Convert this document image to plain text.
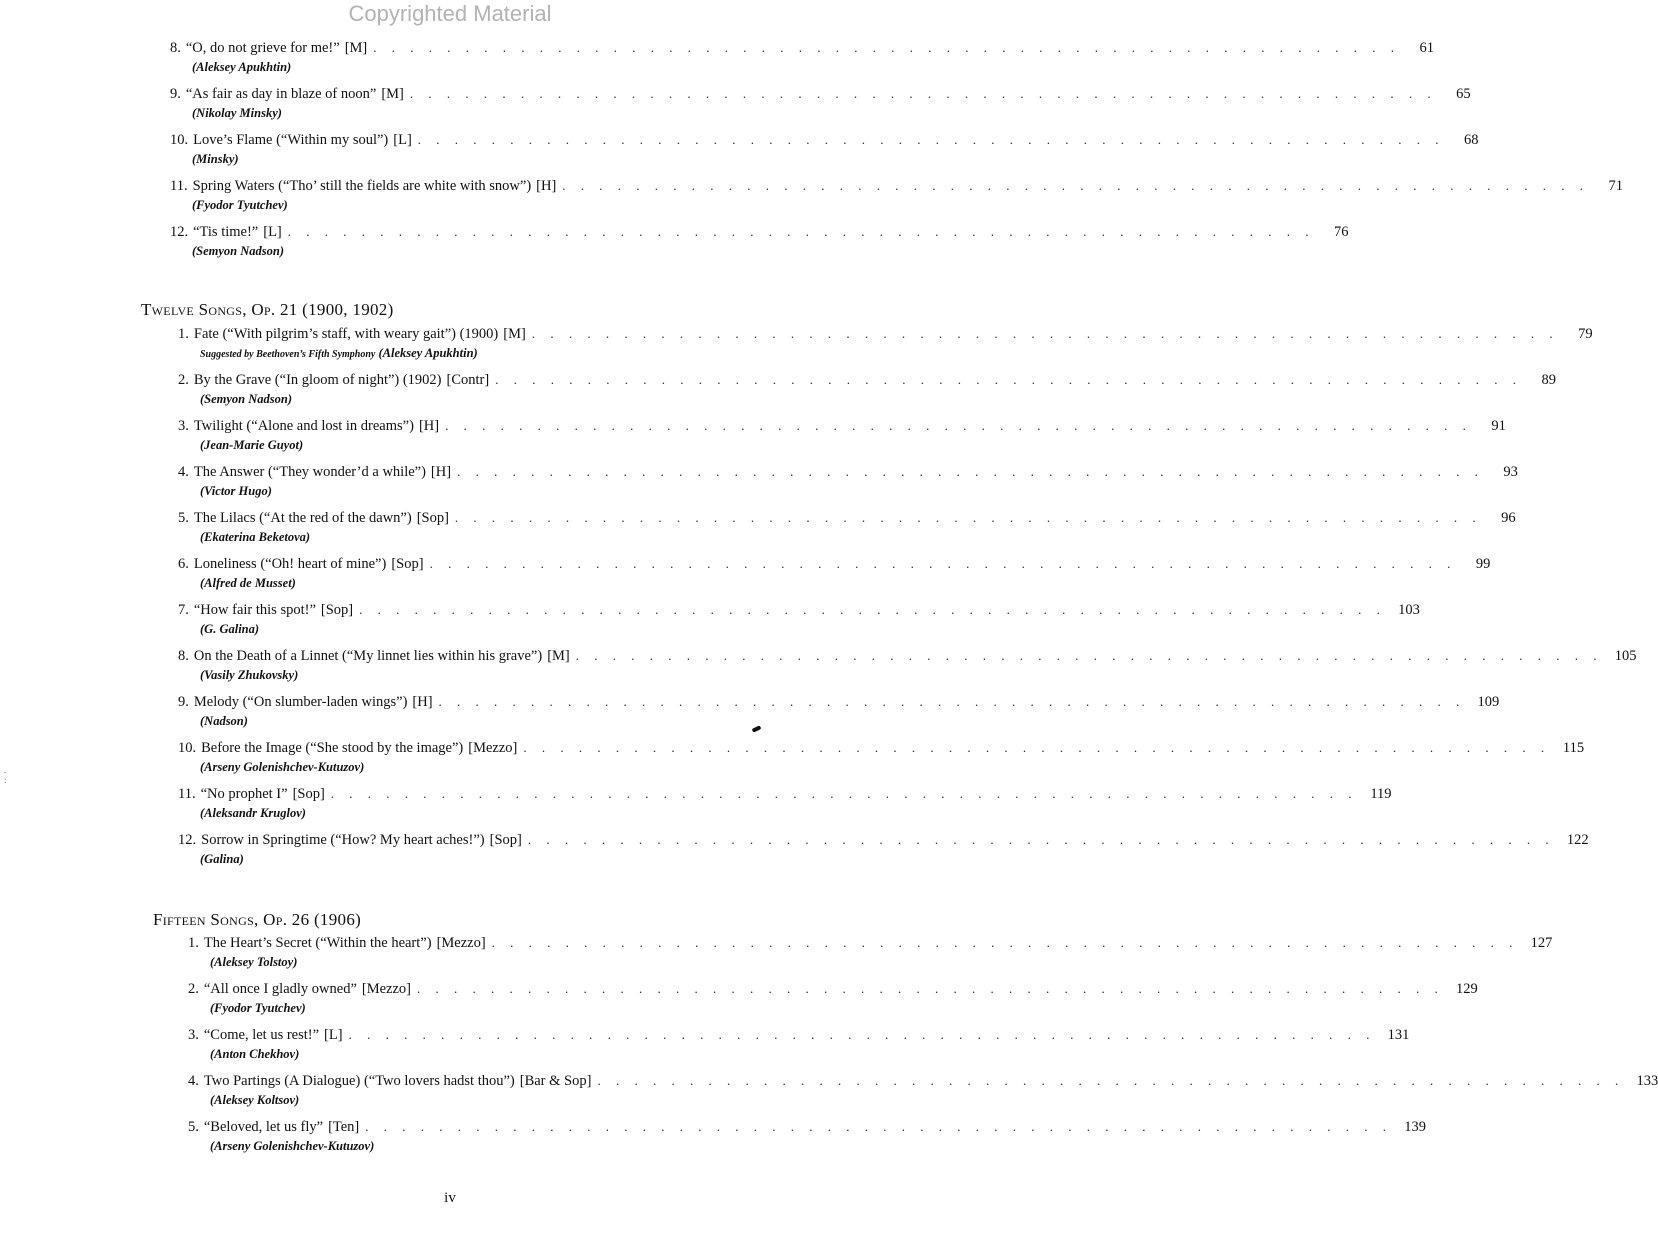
Copyrighted Material
8. “O, do not grieve for me!” [M] . . . . . . . . . . . . . . . . . . . . . . . . . . . . . . . . . . . . . . . . . . . . . . . . . . . . . . . .	61
(Aleksey Apukhtin)
9. “As fair as day in blaze of noon” [M] . . . . . . . . . . . . . . . . . . . . . . . . . . . . . . . . . . . . . . . . . . . . . . . . . . . . . . . .	65
(Nikolay Minsky)
10. Love’s Flame (“Within my soul”) [L] . . . . . . . . . . . . . . . . . . . . . . . . . . . . . . . . . . . . . . . . . . . . . . . . . . . . . . . .	68
(Minsky)
11. Spring Waters (“Tho’ still the fields are white with snow”) [H] . . . . . . . . . . . . . . . . . . . . . . . . . . . . . . . . . . . . . . . . . . . . . . . . . . . . . . . .	71
(Fyodor Tyutchev)
12. “Tis time!” [L] . . . . . . . . . . . . . . . . . . . . . . . . . . . . . . . . . . . . . . . . . . . . . . . . . . . . . . . .	76
(Semyon Nadson)
Twelve Songs, Op. 21 (1900, 1902)
1. Fate (“With pilgrim’s staff, with weary gait”) (1900) [M] . . . . . . . . . . . . . . . . . . . . . . . . . . . . . . . . . . . . . . . . . . . . . . . . . . . . . . . .	79
Suggested by Beethoven’s Fifth Symphony (Aleksey Apukhtin)
2. By the Grave (“In gloom of night”) (1902) [Contr] . . . . . . . . . . . . . . . . . . . . . . . . . . . . . . . . . . . . . . . . . . . . . . . . . . . . . . . .	89
(Semyon Nadson)
3. Twilight (“Alone and lost in dreams”) [H] . . . . . . . . . . . . . . . . . . . . . . . . . . . . . . . . . . . . . . . . . . . . . . . . . . . . . . . .	91
(Jean-Marie Guyot)
4. The Answer (“They wonder’d a while”) [H] . . . . . . . . . . . . . . . . . . . . . . . . . . . . . . . . . . . . . . . . . . . . . . . . . . . . . . . .	93
(Victor Hugo)
5. The Lilacs (“At the red of the dawn”) [Sop] . . . . . . . . . . . . . . . . . . . . . . . . . . . . . . . . . . . . . . . . . . . . . . . . . . . . . . . .	96
(Ekaterina Beketova)
6. Loneliness (“Oh! heart of mine”) [Sop] . . . . . . . . . . . . . . . . . . . . . . . . . . . . . . . . . . . . . . . . . . . . . . . . . . . . . . . .	99
(Alfred de Musset)
7. “How fair this spot!” [Sop] . . . . . . . . . . . . . . . . . . . . . . . . . . . . . . . . . . . . . . . . . . . . . . . . . . . . . . . . 103
(G. Galina)
8. On the Death of a Linnet (“My linnet lies within his grave”) [M] . . . . . . . . . . . . . . . . . . . . . . . . . . . . . . . . . . . . . . . . . . . . . . . . . . . . . . . . 105
(Vasily Zhukovsky)
9. Melody (“On slumber-laden wings”) [H] . . . . . . . . . . . . . . . . . . . . . . . . . . . . . . . . . . . . . . . . . . . . . . . . . . . . . . . . 109
(Nadson)
10. Before the Image (“She stood by the image”) [Mezzo] . . . . . . . . . . . . . . . . . . . . . . . . . . . . . . . . . . . . . . . . . . . . . . . . . . . . . . . . 115
(Arseny Golenishchev-Kutuzov)
11. “No prophet I” [Sop] . . . . . . . . . . . . . . . . . . . . . . . . . . . . . . . . . . . . . . . . . . . . . . . . . . . . . . . . 119
(Aleksandr Kruglov)
12. Sorrow in Springtime (“How? My heart aches!”) [Sop] . . . . . . . . . . . . . . . . . . . . . . . . . . . . . . . . . . . . . . . . . . . . . . . . . . . . . . . . 122
(Galina)
Fifteen Songs, Op. 26 (1906)
1. The Heart’s Secret (“Within the heart”) [Mezzo] . . . . . . . . . . . . . . . . . . . . . . . . . . . . . . . . . . . . . . . . . . . . . . . . . . . . . . . . 127
(Aleksey Tolstoy)
2. “All once I gladly owned” [Mezzo] . . . . . . . . . . . . . . . . . . . . . . . . . . . . . . . . . . . . . . . . . . . . . . . . . . . . . . . . 129
(Fyodor Tyutchev)
3. “Come, let us rest!” [L] . . . . . . . . . . . . . . . . . . . . . . . . . . . . . . . . . . . . . . . . . . . . . . . . . . . . . . . . 131
(Anton Chekhov)
4. Two Partings (A Dialogue) (“Two lovers hadst thou”) [Bar & Sop] . . . . . . . . . . . . . . . . . . . . . . . . . . . . . . . . . . . . . . . . . . . . . . . . . . . . . . . . 133
(Aleksey Koltsov)
5. “Beloved, let us fly” [Ten] . . . . . . . . . . . . . . . . . . . . . . . . . . . . . . . . . . . . . . . . . . . . . . . . . . . . . . . . 139
(Arseny Golenishchev-Kutuzov)
.
:
iv
